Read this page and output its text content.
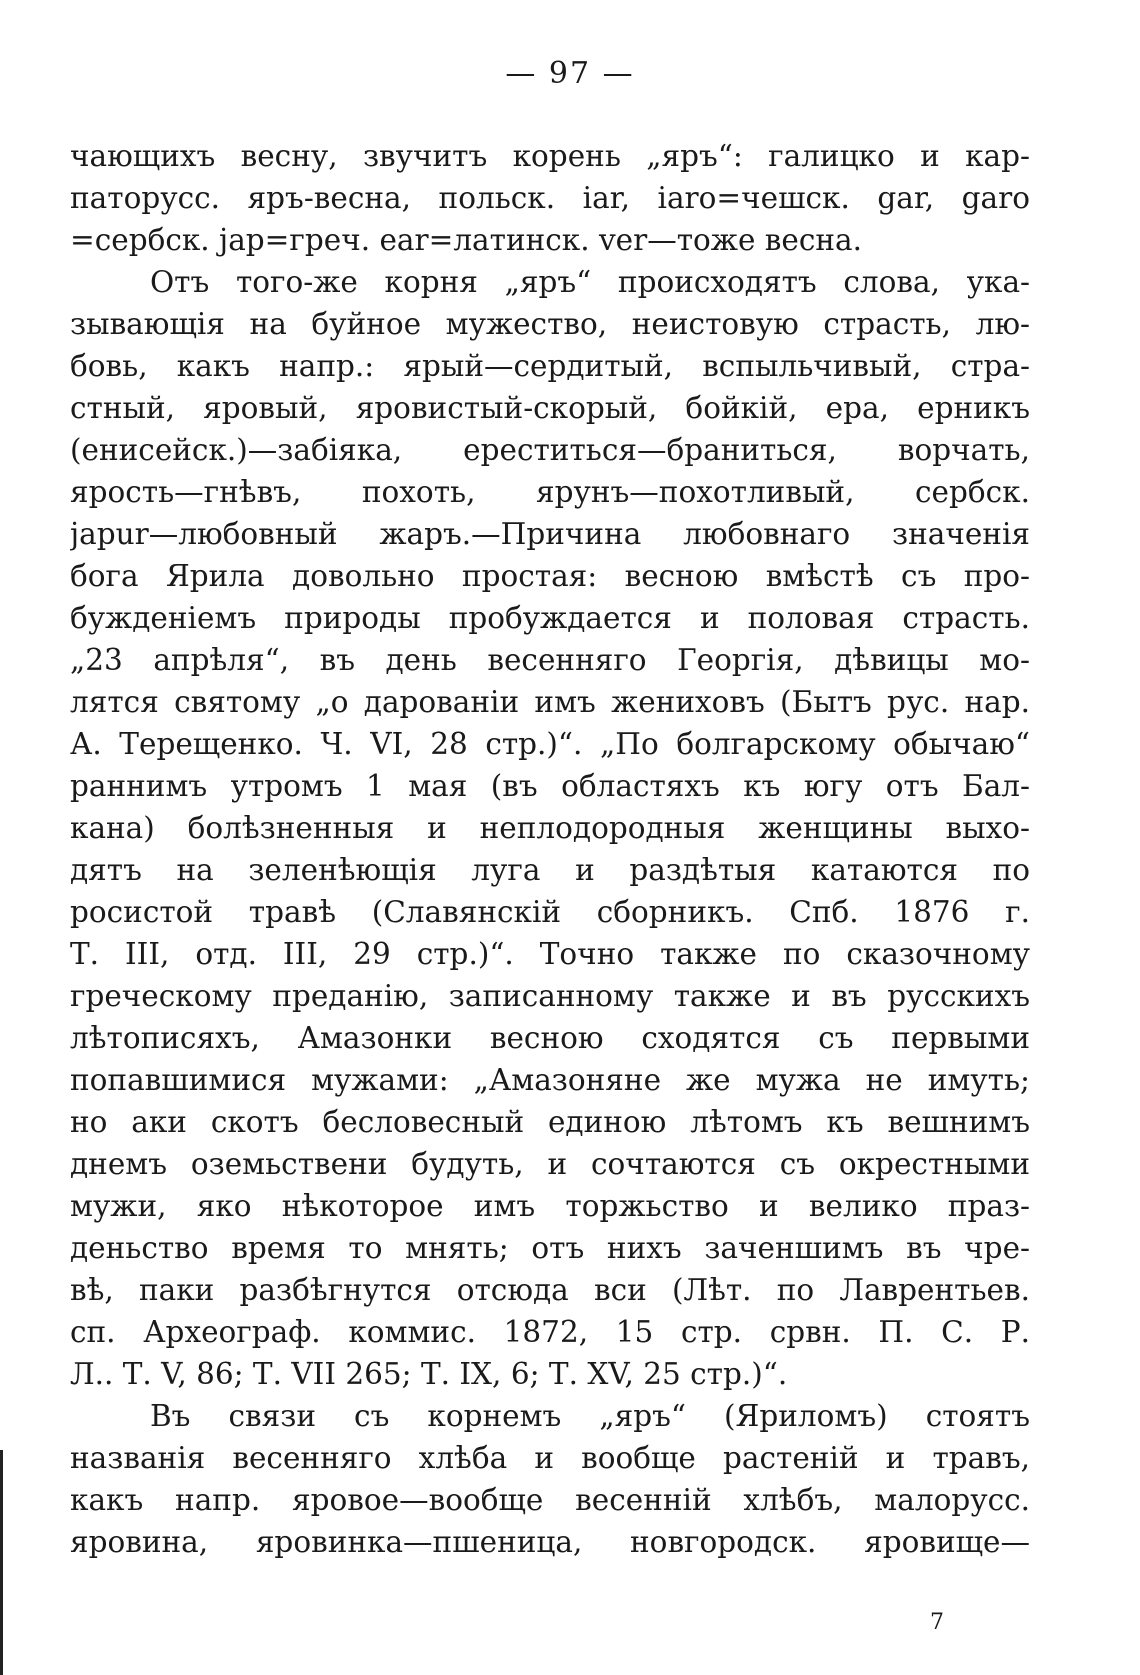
— 97 —
чающихъ весну, звучитъ корень „яръ“: галицко и кар-
паторусс. яръ-весна, польск. iar, iaro=чешск. gar, garo
=сербск. jap=греч. ear=латинск. ver—тоже весна.
Отъ того-же корня „яръ“ происходятъ слова, ука-
зывающія на буйное мужество, неистовую страсть, лю-
бовь, какъ напр.: ярый—сердитый, вспыльчивый, стра-
стный, яровый, яровистый-скорый, бойкій, ера, ерникъ
(енисейск.)—забіяка, ереститься—браниться, ворчать,
ярость—гнѣвъ, похоть, ярунъ—похотливый, сербск.
japur—любовный жаръ.—Причина любовнаго значенія
бога Ярила довольно простая: весною вмѣстѣ съ про-
бужденіемъ природы пробуждается и половая страсть.
„23 апрѣля“, въ день весенняго Георгія, дѣвицы мо-
лятся святому „о дарованіи имъ жениховъ (Бытъ рус. нар.
А. Терещенко. Ч. VI, 28 стр.)“. „По болгарскому обычаю“
раннимъ утромъ 1 мая (въ областяхъ къ югу отъ Бал-
кана) болѣзненныя и неплодородныя женщины выхо-
дятъ на зеленѣющія луга и раздѣтыя катаются по
росистой травѣ (Славянскій сборникъ. Спб. 1876 г.
Т. III, отд. III, 29 стр.)“. Точно также по сказочному
греческому преданію, записанному также и въ русскихъ
лѣтописяхъ, Амазонки весною сходятся съ первыми
попавшимися мужами: „Амазоняне же мужа не имуть;
но аки скотъ бесловесный единою лѣтомъ къ вешнимъ
днемъ оземьствени будуть, и сочтаются съ окрестными
мужи, яко нѣкоторое имъ торжьство и велико праз-
деньство время то мнять; отъ нихъ заченшимъ въ чре-
вѣ, паки разбѣгнутся отсюда вси (Лѣт. по Лаврентьев.
сп. Археограф. коммис. 1872, 15 стр. срвн. П. С. Р.
Л.. Т. V, 86; Т. VII 265; Т. IX, 6; Т. XV, 25 стр.)“.
Въ связи съ корнемъ „яръ“ (Яриломъ) стоятъ
названія весенняго хлѣба и вообще растеній и травъ,
какъ напр. яровое—вообще весенній хлѣбъ, малорусс.
яровина, яровинка—пшеница, новгородск. яровище—
7
